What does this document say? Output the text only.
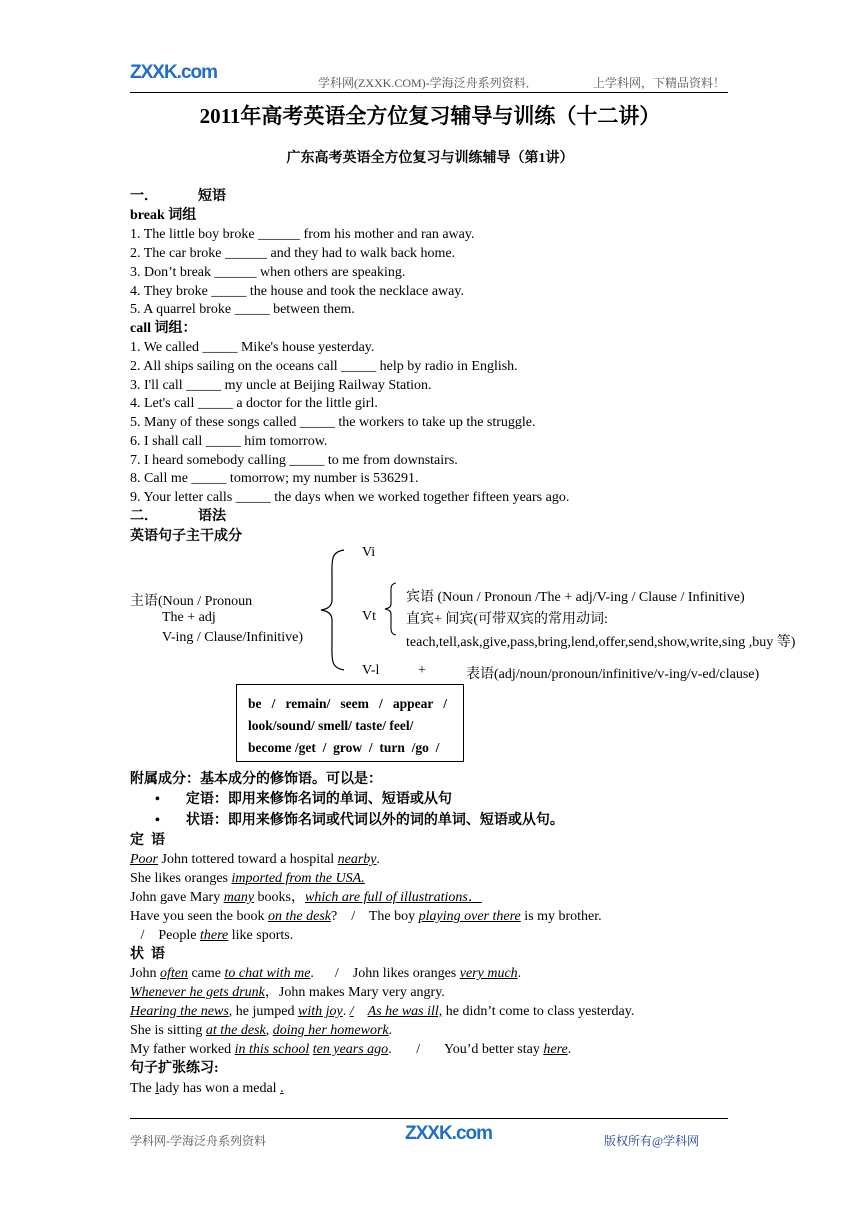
ZXXK.com	学科网(ZXXK.COM)-学海泛舟系列资料．	上学科网，下精品资料！
2011年高考英语全方位复习辅导与训练（十二讲）
广东高考英语全方位复习与训练辅导（第1讲）
一．	短语
break 词组
1. The little boy broke ______ from his mother and ran away.
2. The car broke ______ and they had to walk back home.
3. Don’t break ______ when others are speaking.
4. They broke _____ the house and took the necklace away.
5. A quarrel broke _____ between them.
call 词组：
1. We called _____ Mike's house yesterday.
2. All ships sailing on the oceans call _____ help by radio in English.
3. I'll call _____ my uncle at Beijing Railway Station.
4. Let's call _____ a doctor for the little girl.
5. Many of these songs called _____ the workers to take up the struggle.
6. I shall call _____ him tomorrow.
7. I heard somebody calling _____ to me from downstairs.
8. Call me _____ tomorrow; my number is 536291.
9. Your letter calls _____ the days when we worked together fifteen years ago.
二．	语法
英语句子主干成分
Vi
主语(Noun / Pronoun
The + adj
V-ing / Clause/Infinitive)
Vt
宾语 (Noun / Pronoun /The + adj/V-ing / Clause / Infinitive)
直宾+ 间宾(可带双宾的常用动词:
teach,tell,ask,give,pass,bring,lend,offer,send,show,write,sing ,buy 等)
V-l	+	表语(adj/noun/pronoun/infinitive/v-ing/v-ed/clause)
be   /   remain/   seem   /   appear   /
look/sound/ smell/ taste/ feel/
become /get  /  grow  /  turn  /go  /
附属成分：基本成分的修饰语。可以是：
• 定语：即用来修饰名词的单词、短语或从句
• 状语：即用来修饰名词或代词以外的词的单词、短语或从句。
定  语
Poor John tottered toward a hospital nearby.
She likes oranges imported from the USA.
John gave Mary many books，which are full of illustrations．
Have you seen the book on the desk?    /    The boy playing over there is my brother.
/    People there like sports.
状  语
John often came to chat with me.      /    John likes oranges very much.
Whenever he gets drunk，John makes Mary very angry.
Hearing the news, he jumped with joy. / As he was ill, he didn’t come to class yesterday.
She is sitting at the desk, doing her homework.
My father worked in this school ten years ago.       /       You’d better stay here.
句子扩张练习:
The lady has won a medal .
学科网-学海泛舟系列资料	ZXXK.com	版权所有@学科网
